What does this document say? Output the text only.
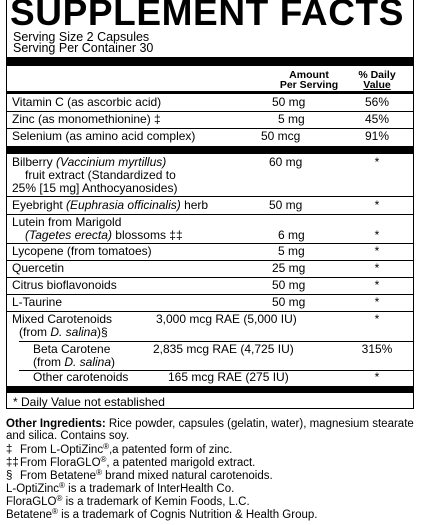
SUPPLEMENT FACTS
Serving Size 2 Capsules
Serving Per Container 30
Amount
Per Serving
% Daily
Value
Vitamin C (as ascorbic acid)	50 mg	56%
Zinc (as monomethionine) ‡	5 mg	45%
Selenium (as amino acid complex)	50 mcg	91%
Bilberry (Vaccinium myrtillus)
fruit extract (Standardized to
25% [15 mg] Anthocyanosides)
60 mg	*
Eyebright (Euphrasia officinalis) herb	50 mg	*
Lutein from Marigold
(Tagetes erecta) blossoms ‡‡	6 mg	*
Lycopene (from tomatoes)	5 mg	*
Quercetin	25 mg	*
Citrus bioflavonoids	50 mg	*
L-Taurine	50 mg	*
Mixed Carotenoids
(from D. salina)§
3,000 mcg RAE (5,000 IU)	*
Beta Carotene
(from D. salina)
2,835 mcg RAE (4,725 IU)	315%
Other carotenoids	165 mcg RAE (275 IU)	*
* Daily Value not established
Other Ingredients: Rice powder, capsules (gelatin, water), magnesium stearate and silica. Contains soy.
‡ From L-OptiZinc®,a patented form of zinc.
‡‡From FloraGLO®, a patented marigold extract.
§ From Betatene® brand mixed natural carotenoids.
L-OptiZinc® is a trademark of InterHealth Co.
FloraGLO® is a trademark of Kemin Foods, L.C.
Betatene® is a trademark of Cognis Nutrition & Health Group.
